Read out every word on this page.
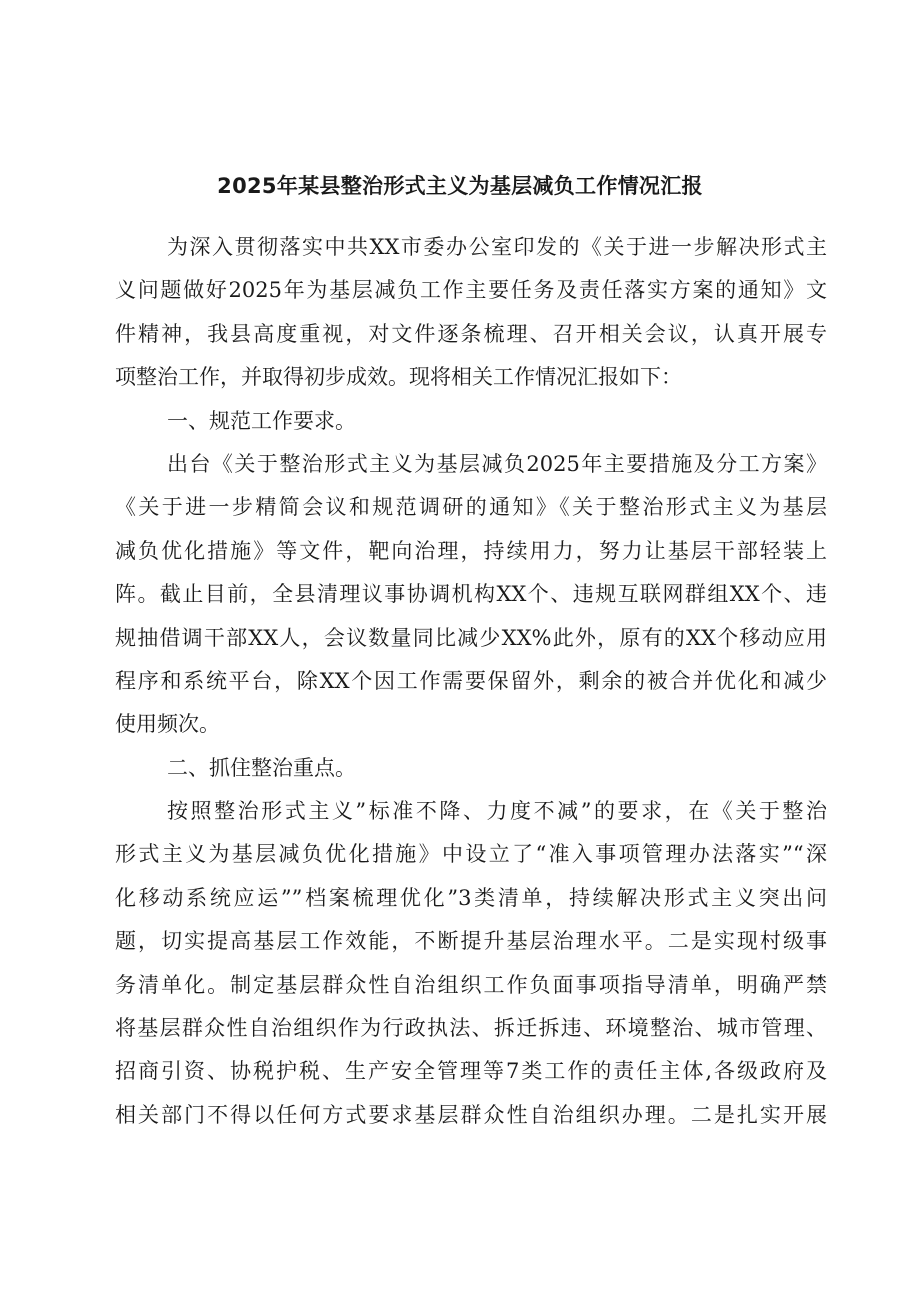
2025年某县整治形式主义为基层减负工作情况汇报

为深入贯彻落实中共XX市委办公室印发的《关于进一步解决形式主

义问题做好2025年为基层减负工作主要任务及责任落实方案的通知》文

件精神，我县高度重视，对文件逐条梳理、召开相关会议，认真开展专

项整治工作，并取得初步成效。现将相关工作情况汇报如下：

一、规范工作要求。

出台《关于整治形式主义为基层减负2025年主要措施及分工方案》

《关于进一步精简会议和规范调研的通知》《关于整治形式主义为基层

减负优化措施》等文件，靶向治理，持续用力，努力让基层干部轻装上

阵。截止目前，全县清理议事协调机构XX个、违规互联网群组XX个、违

规抽借调干部XX人，会议数量同比减少XX%此外，原有的XX个移动应用

程序和系统平台，除XX个因工作需要保留外，剩余的被合并优化和减少

使用频次。

二、抓住整治重点。

按照整治形式主义”标准不降、力度不减”的要求，在《关于整治

形式主义为基层减负优化措施》中设立了“准入事项管理办法落实”“深

化移动系统应运””档案梳理优化”3类清单，持续解决形式主义突出问

题，切实提高基层工作效能，不断提升基层治理水平。二是实现村级事

务清单化。制定基层群众性自治组织工作负面事项指导清单，明确严禁

将基层群众性自治组织作为行政执法、拆迁拆违、环境整治、城市管理、

招商引资、协税护税、生产安全管理等7类工作的责任主体,各级政府及

相关部门不得以任何方式要求基层群众性自治组织办理。二是扎实开展
